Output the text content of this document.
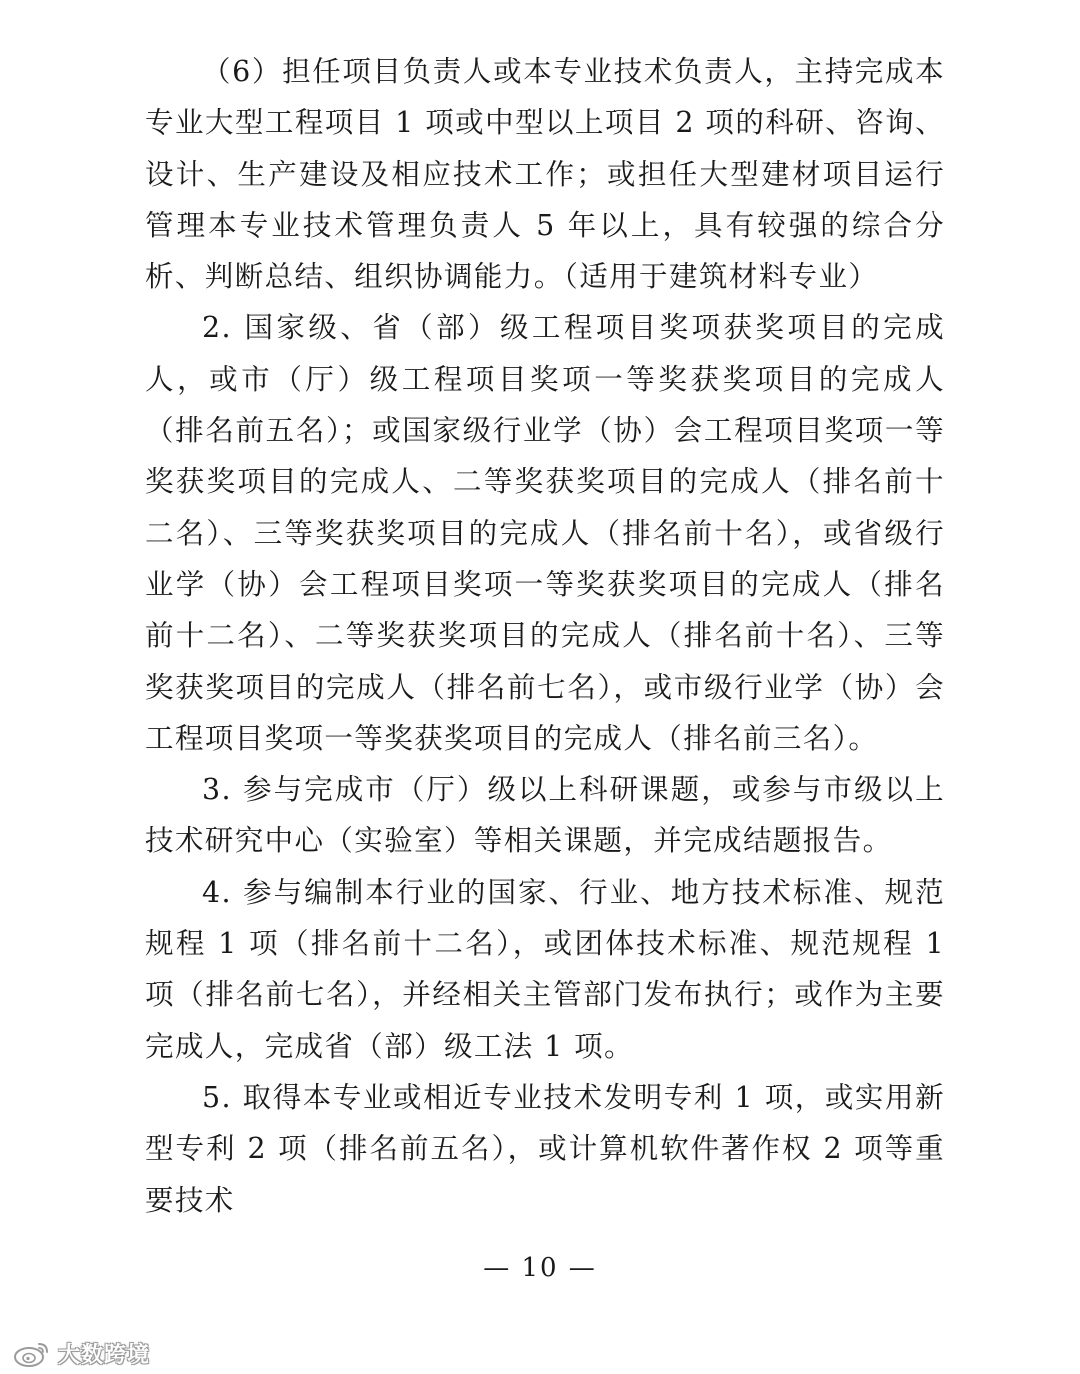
（6）担任项目负责人或本专业技术负责人，主持完成本专业大型工程项目 1 项或中型以上项目 2 项的科研、咨询、设计、生产建设及相应技术工作；或担任大型建材项目运行管理本专业技术管理负责人 5 年以上，具有较强的综合分析、判断总结、组织协调能力。（适用于建筑材料专业）

2. 国家级、省（部）级工程项目奖项获奖项目的完成人，或市（厅）级工程项目奖项一等奖获奖项目的完成人（排名前五名）；或国家级行业学（协）会工程项目奖项一等奖获奖项目的完成人、二等奖获奖项目的完成人（排名前十二名）、三等奖获奖项目的完成人（排名前十名），或省级行业学（协）会工程项目奖项一等奖获奖项目的完成人（排名前十二名）、二等奖获奖项目的完成人（排名前十名）、三等奖获奖项目的完成人（排名前七名），或市级行业学（协）会工程项目奖项一等奖获奖项目的完成人（排名前三名）。

3. 参与完成市（厅）级以上科研课题，或参与市级以上技术研究中心（实验室）等相关课题，并完成结题报告。

4. 参与编制本行业的国家、行业、地方技术标准、规范规程 1 项（排名前十二名），或团体技术标准、规范规程 1 项（排名前七名），并经相关主管部门发布执行；或作为主要完成人，完成省（部）级工法 1 项。

5. 取得本专业或相近专业技术发明专利 1 项，或实用新型专利 2 项（排名前五名），或计算机软件著作权 2 项等重要技术

— 10 —
大数跨境
